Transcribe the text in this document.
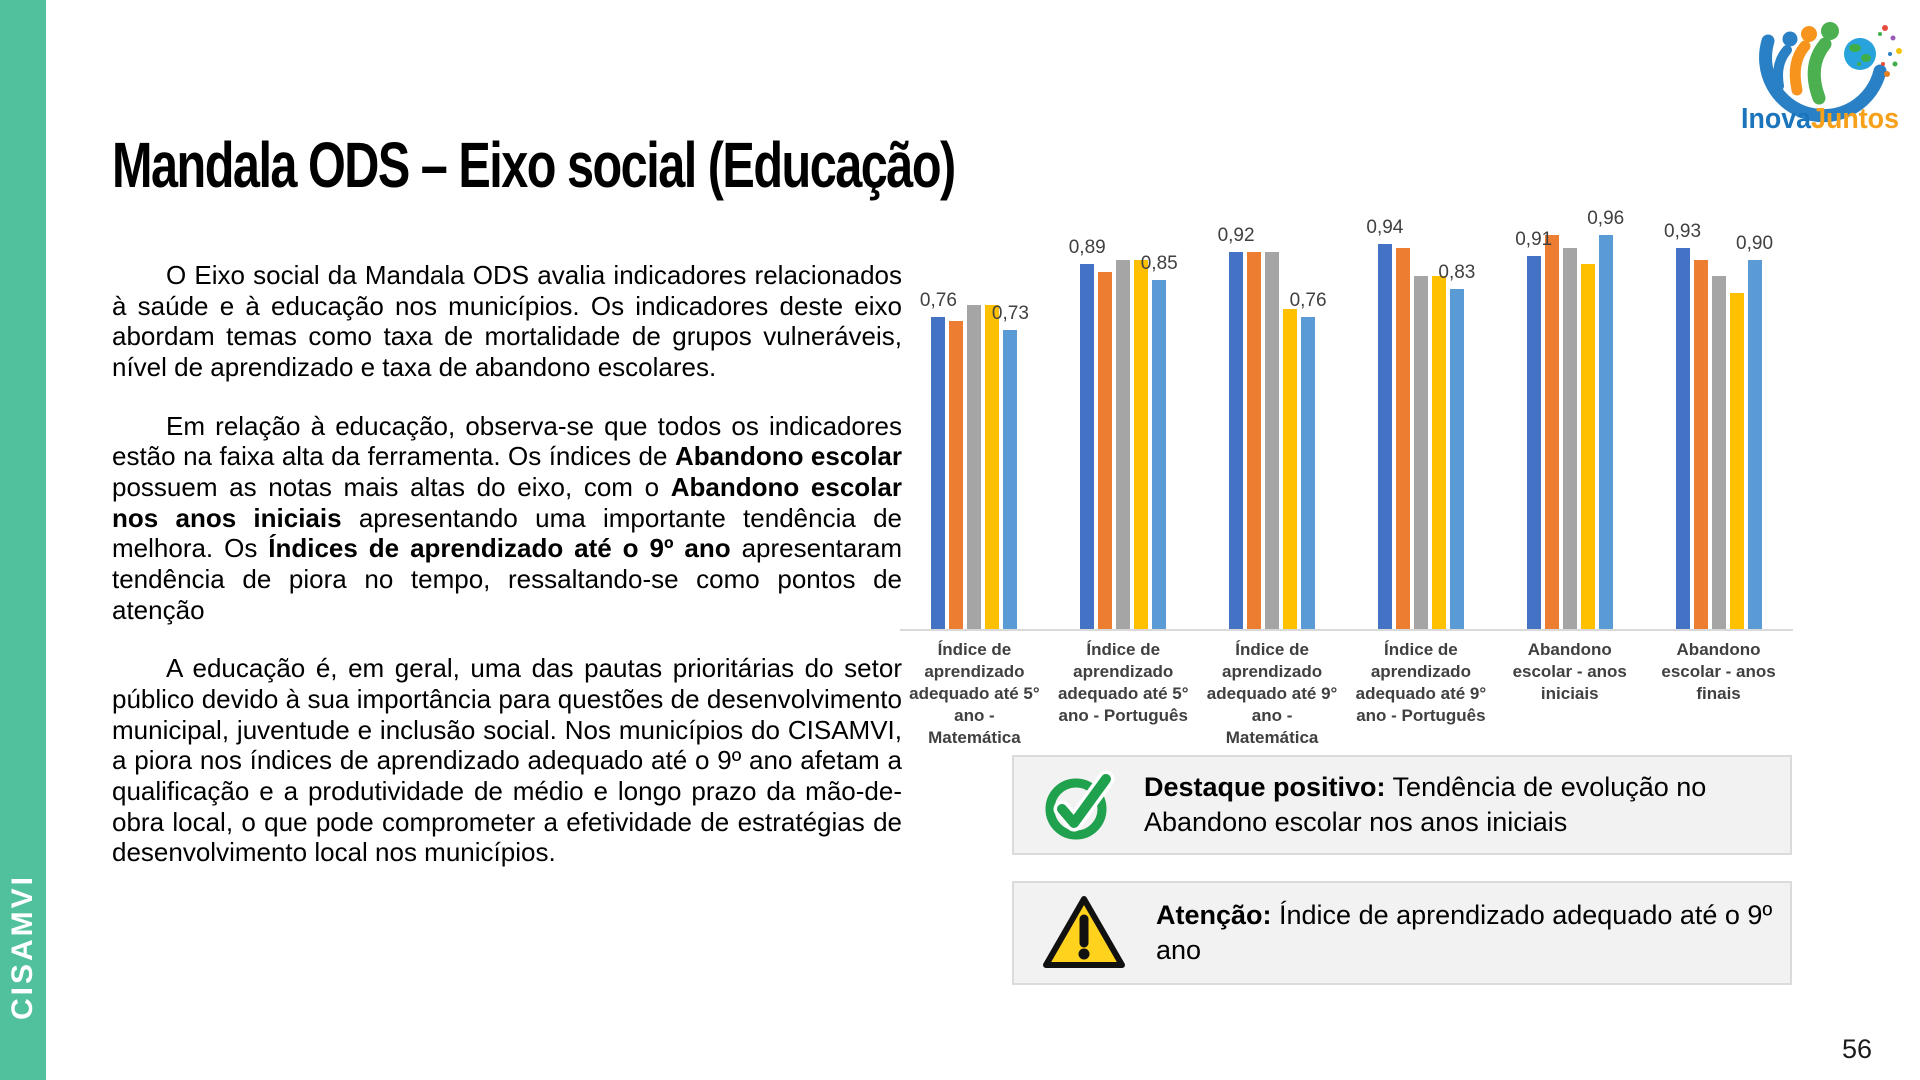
CISAMVI
InovaJuntos
Mandala ODS – Eixo social (Educação)

O Eixo social da Mandala ODS avalia indicadores relacionados à saúde e à educação nos municípios. Os indicadores deste eixo abordam temas como taxa de mortalidade de grupos vulneráveis, nível de aprendizado e taxa de abandono escolares.

Em relação à educação, observa-se que todos os indicadores estão na faixa alta da ferramenta. Os índices de Abandono escolar possuem as notas mais altas do eixo, com o Abandono escolar nos anos iniciais apresentando uma importante tendência de melhora. Os Índices de aprendizado até o 9º ano apresentaram tendência de piora no tempo, ressaltando-se como pontos de atenção

A educação é, em geral, uma das pautas prioritárias do setor público devido à sua importância para questões de desenvolvimento municipal, juventude e inclusão social. Nos municípios do CISAMVI, a piora nos índices de aprendizado adequado até o 9º ano afetam a qualificação e a produtividade de médio e longo prazo da mão-de-obra local, o que pode comprometer a efetividade de estratégias de desenvolvimento local nos municípios.

0,76
0,73
0,89
0,85
0,92
0,76
0,94
0,83
0,91
0,96
0,93
0,90
Índice de aprendizado adequado até 5° ano - Matemática
Índice de aprendizado adequado até 5° ano - Português
Índice de aprendizado adequado até 9° ano - Matemática
Índice de aprendizado adequado até 9° ano - Português
Abandono escolar - anos iniciais
Abandono escolar - anos finais

Destaque positivo: Tendência de evolução no Abandono escolar nos anos iniciais

Atenção: Índice de aprendizado adequado até o 9º ano

56
